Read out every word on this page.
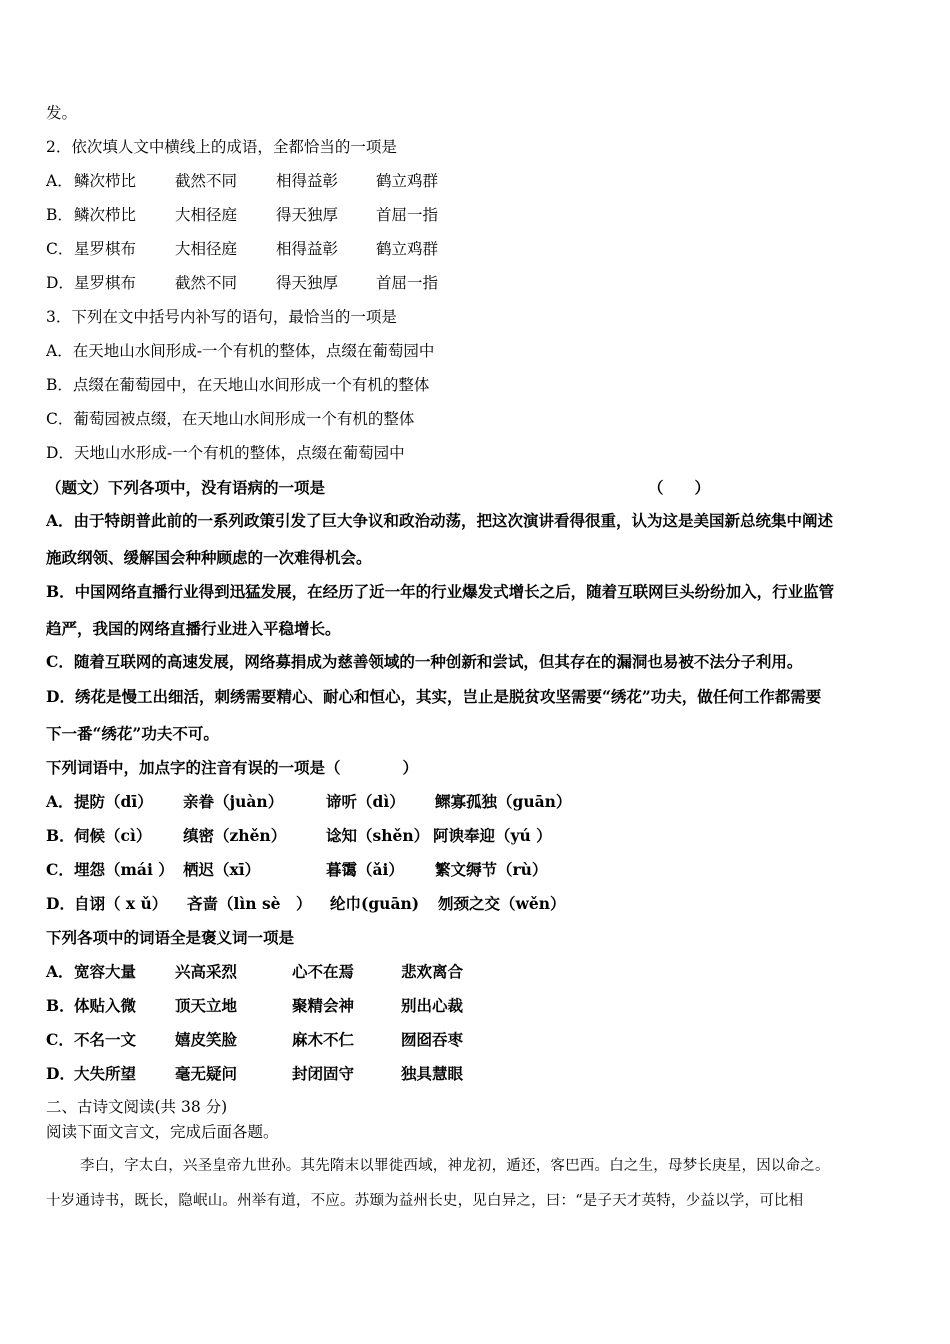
发。
2．依次填人文中横线上的成语，全都恰当的一项是
A． 鳞次栉比	截然不同	相得益彰 鹤立鸡群
B． 鳞次栉比	大相径庭	得天独厚 首屈一指
C． 星罗棋布	大相径庭	相得益彰 鹤立鸡群
D． 星罗棋布	截然不同	得天独厚 首屈一指
3．下列在文中括号内补写的语句，最恰当的一项是
A．在天地山水间形成-一个有机的整体，点缀在葡萄园中
B．点缀在葡萄园中，在天地山水间形成一个有机的整体
C．葡萄园被点缀，在天地山水间形成一个有机的整体
D．天地山水形成-一个有机的整体，点缀在葡萄园中
（题文）下列各项中，没有语病的一项是	（　　）
A．由于特朗普此前的一系列政策引发了巨大争议和政治动荡，把这次演讲看得很重，认为这是美国新总统集中阐述
施政纲领、缓解国会种种顾虑的一次难得机会。
B．中国网络直播行业得到迅猛发展，在经历了近一年的行业爆发式增长之后，随着互联网巨头纷纷加入，行业监管
趋严，我国的网络直播行业进入平稳增长。
C．随着互联网的高速发展，网络募捐成为慈善领域的一种创新和尝试，但其存在的漏洞也易被不法分子利用。
D．绣花是慢工出细活，刺绣需要精心、耐心和恒心，其实，岂止是脱贫攻坚需要“绣花”功夫，做任何工作都需要
下一番“绣花”功夫不可。
下列词语中，加点字的注音有误的一项是（　　　　）
A． 提防（dī） 亲眷（juàn）	谛听（dì） 鳏寡孤独（guān）
B． 伺候（cì） 缜密（zhěn）	谂知（shěn） 阿谀奉迎（yú ）
C． 埋怨（mái ） 栖迟（xī）	暮霭（ǎi） 繁文缛节（rù）
D． 自诩（ x ǔ） 吝啬（lìn sè　） 纶巾(guān) 刎颈之交（wěn）
下列各项中的词语全是褒义词一项是
A． 宽容大量	兴高采烈	心不在焉	悲欢离合
B． 体贴入微	顶天立地	聚精会神	别出心裁
C． 不名一文	嬉皮笑脸	麻木不仁	囫囵吞枣
D． 大失所望	毫无疑问	封闭固守	独具慧眼
二、古诗文阅读(共 38 分)
阅读下面文言文，完成后面各题。
李白，字太白，兴圣皇帝九世孙。其先隋末以罪徙西域，神龙初，遁还，客巴西。白之生，母梦长庚星，因以命之。
十岁通诗书，既长，隐岷山。州举有道，不应。苏颋为益州长史，见白异之，曰：“是子天才英特，少益以学，可比相
